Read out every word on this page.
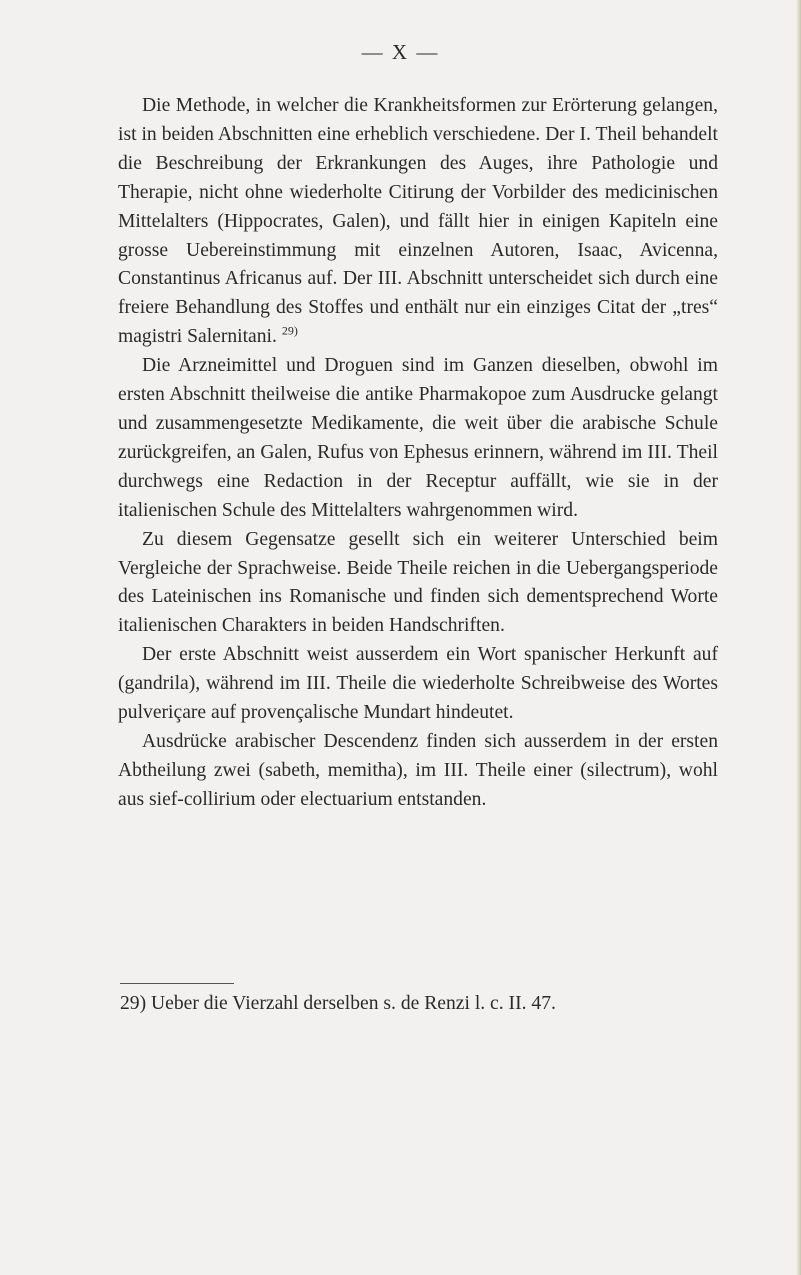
— X —

Die Methode, in welcher die Krankheitsformen zur Erörterung gelangen, ist in beiden Abschnitten eine erheblich verschiedene. Der I. Theil behandelt die Beschreibung der Erkrankungen des Auges, ihre Pathologie und Therapie, nicht ohne wiederholte Citirung der Vorbilder des medicinischen Mittelalters (Hippocrates, Galen), und fällt hier in einigen Kapiteln eine grosse Uebereinstimmung mit einzelnen Autoren, Isaac, Avicenna, Constantinus Africanus auf. Der III. Abschnitt unterscheidet sich durch eine freiere Behandlung des Stoffes und enthält nur ein einziges Citat der „tres“ magistri Salernitani. $^{29)}$

Die Arzneimittel und Droguen sind im Ganzen dieselben, obwohl im ersten Abschnitt theilweise die antike Pharmakopoe zum Ausdrucke gelangt und zusammengesetzte Medikamente, die weit über die arabische Schule zurückgreifen, an Galen, Rufus von Ephesus erinnern, während im III. Theil durchwegs eine Redaction in der Receptur auffällt, wie sie in der italienischen Schule des Mittelalters wahrgenommen wird.

Zu diesem Gegensatze gesellt sich ein weiterer Unterschied beim Vergleiche der Sprachweise. Beide Theile reichen in die Uebergangsperiode des Lateinischen ins Romanische und finden sich dementsprechend Worte italienischen Charakters in beiden Handschriften.

Der erste Abschnitt weist ausserdem ein Wort spanischer Herkunft auf (gandrila), während im III. Theile die wiederholte Schreibweise des Wortes pulveriçare auf provençalische Mundart hindeutet.

Ausdrücke arabischer Descendenz finden sich ausserdem in der ersten Abtheilung zwei (sabeth, memitha), im III. Theile einer (silectrum), wohl aus sief-collirium oder electuarium entstanden.

29) Ueber die Vierzahl derselben s. de Renzi l. c. II. 47.
